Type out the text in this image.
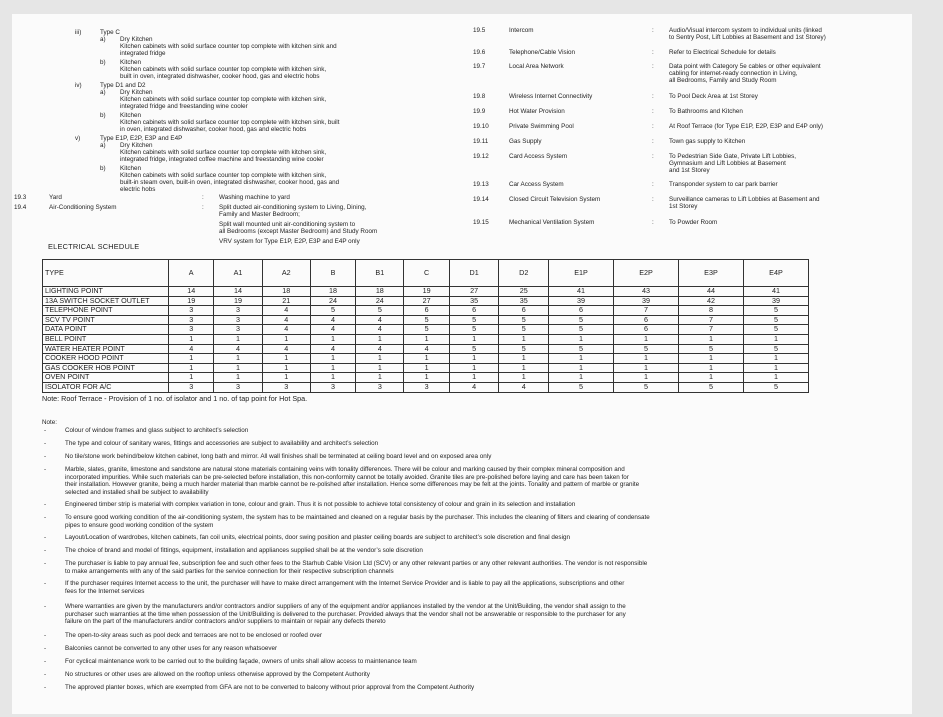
iii)	Type C
a) Dry Kitchen
Kitchen cabinets with solid surface counter top complete with kitchen sink and
integrated fridge
b) Kitchen
Kitchen cabinets with solid surface counter top complete with kitchen sink,
built in oven, integrated dishwasher, cooker hood, gas and electric hobs
iv)	Type D1 and D2
a) Dry Kitchen
Kitchen cabinets with solid surface counter top complete with kitchen sink,
integrated fridge and freestanding wine cooler
b) Kitchen
Kitchen cabinets with solid surface counter top complete with kitchen sink, built
in oven, integrated dishwasher, cooker hood, gas and electric hobs
v)	Type E1P, E2P, E3P and E4P
a) Dry Kitchen
Kitchen cabinets with solid surface counter top complete with kitchen sink,
integrated fridge, integrated coffee machine and freestanding wine cooler
b) Kitchen
Kitchen cabinets with solid surface counter top complete with kitchen sink,
built-in steam oven, built-in oven, integrated dishwasher, cooker hood, gas and
electric hobs
19.3	Yard	: Washing machine to yard
19.4	Air-Conditioning System	: Split ducted air-conditioning system to Living, Dining,
Family and Master Bedroom;
Split wall mounted unit air-conditioning system to
all Bedrooms (except Master Bedroom) and Study Room
VRV system for Type E1P, E2P, E3P and E4P only
19.5	Intercom	: Audio/Visual intercom system to individual units (linked
to Sentry Post, Lift Lobbies at Basement and 1st Storey)
19.6	Telephone/Cable Vision	: Refer to Electrical Schedule for details
19.7	Local Area Network	: Data point with Category 5e cables or other equivalent
cabling for internet-ready connection in Living,
all Bedrooms, Family and Study Room
19.8	Wireless Internet Connectivity	: To Pool Deck Area at 1st Storey
19.9	Hot Water Provision	: To Bathrooms and Kitchen
19.10	Private Swimming Pool	: At Roof Terrace (for Type E1P, E2P, E3P and E4P only)
19.11	Gas Supply	: Town gas supply to Kitchen
19.12	Card Access System	: To Pedestrian Side Gate, Private Lift Lobbies,
Gymnasium and Lift Lobbies at Basement
and 1st Storey
19.13	Car Access System	: Transponder system to car park barrier
19.14	Closed Circuit Television System	: Surveillance cameras to Lift Lobbies at Basement and
1st Storey
19.15	Mechanical Ventilation System	: To Powder Room
ELECTRICAL SCHEDULE
TYPE	A	A1	A2	B	B1	C	D1	D2	E1P	E2P	E3P	E4P
LIGHTING POINT	14	14	18	18	18	19	27	25	41	43	44	41
13A SWITCH SOCKET OUTLET	19	19	21	24	24	27	35	35	39	39	42	39
TELEPHONE POINT	3	3	4	5	5	6	6	6	6	7	8	5
SCV TV POINT	3	3	4	4	4	5	5	5	5	6	7	5
DATA POINT	3	3	4	4	4	5	5	5	5	6	7	5
BELL POINT	1	1	1	1	1	1	1	1	1	1	1	1
WATER HEATER POINT	4	4	4	4	4	4	5	5	5	5	5	5
COOKER HOOD POINT	1	1	1	1	1	1	1	1	1	1	1	1
GAS COOKER HOB POINT	1	1	1	1	1	1	1	1	1	1	1	1
OVEN POINT	1	1	1	1	1	1	1	1	1	1	1	1
ISOLATOR FOR A/C	3	3	3	3	3	3	4	4	5	5	5	5
Note: Roof Terrace - Provision of 1 no. of isolator and 1 no. of tap point for Hot Spa.
Note:
-	Colour of window frames and glass subject to architect’s selection
-	The type and colour of sanitary wares, fittings and accessories are subject to availability and architect’s selection
-	No tile/stone work behind/below kitchen cabinet, long bath and mirror. All wall finishes shall be terminated at ceiling board level and on exposed area only
-	Marble, slates, granite, limestone and sandstone are natural stone materials containing veins with tonality differences. There will be colour and marking caused by their complex mineral composition and
incorporated impurities. While such materials can be pre-selected before installation, this non-conformity cannot be totally avoided. Granite tiles are pre-polished before laying and care has been taken for
their installation. However granite, being a much harder material than marble cannot be re-polished after installation. Hence some differences may be felt at the joints. Tonality and pattern of marble or granite
selected and installed shall be subject to availability
-	Engineered timber strip is material with complex variation in tone, colour and grain. Thus it is not possible to achieve total consistency of colour and grain in its selection and installation
-	To ensure good working condition of the air-conditioning system, the system has to be maintained and cleaned on a regular basis by the purchaser. This includes the cleaning of filters and clearing of condensate
pipes to ensure good working condition of the system
-	Layout/Location of wardrobes, kitchen cabinets, fan coil units, electrical points, door swing position and plaster ceiling boards are subject to architect’s sole discretion and final design
-	The choice of brand and model of fittings, equipment, installation and appliances supplied shall be at the vendor’s sole discretion
-	The purchaser is liable to pay annual fee, subscription fee and such other fees to the Starhub Cable Vision Ltd (SCV) or any other relevant parties or any other relevant authorities. The vendor is not responsible
to make arrangements with any of the said parties for the service connection for their respective subscription channels
-	If the purchaser requires Internet access to the unit, the purchaser will have to make direct arrangement with the Internet Service Provider and is liable to pay all the applications, subscriptions and other
fees for the Internet services
-	Where warranties are given by the manufacturers and/or contractors and/or suppliers of any of the equipment and/or appliances installed by the vendor at the Unit/Building, the vendor shall assign to the
purchaser such warranties at the time when possession of the Unit/Building is delivered to the purchaser. Provided always that the vendor shall not be answerable or responsible to the purchaser for any
failure on the part of the manufacturers and/or contractors and/or suppliers to maintain or repair any defects thereto
-	The open-to-sky areas such as pool deck and terraces are not to be enclosed or roofed over
-	Balconies cannot be converted to any other uses for any reason whatsoever
-	For cyclical maintenance work to be carried out to the building façade, owners of units shall allow access to maintenance team
-	No structures or other uses are allowed on the rooftop unless otherwise approved by the Competent Authority
-	The approved planter boxes, which are exempted from GFA are not to be converted to balcony without prior approval from the Competent Authority
